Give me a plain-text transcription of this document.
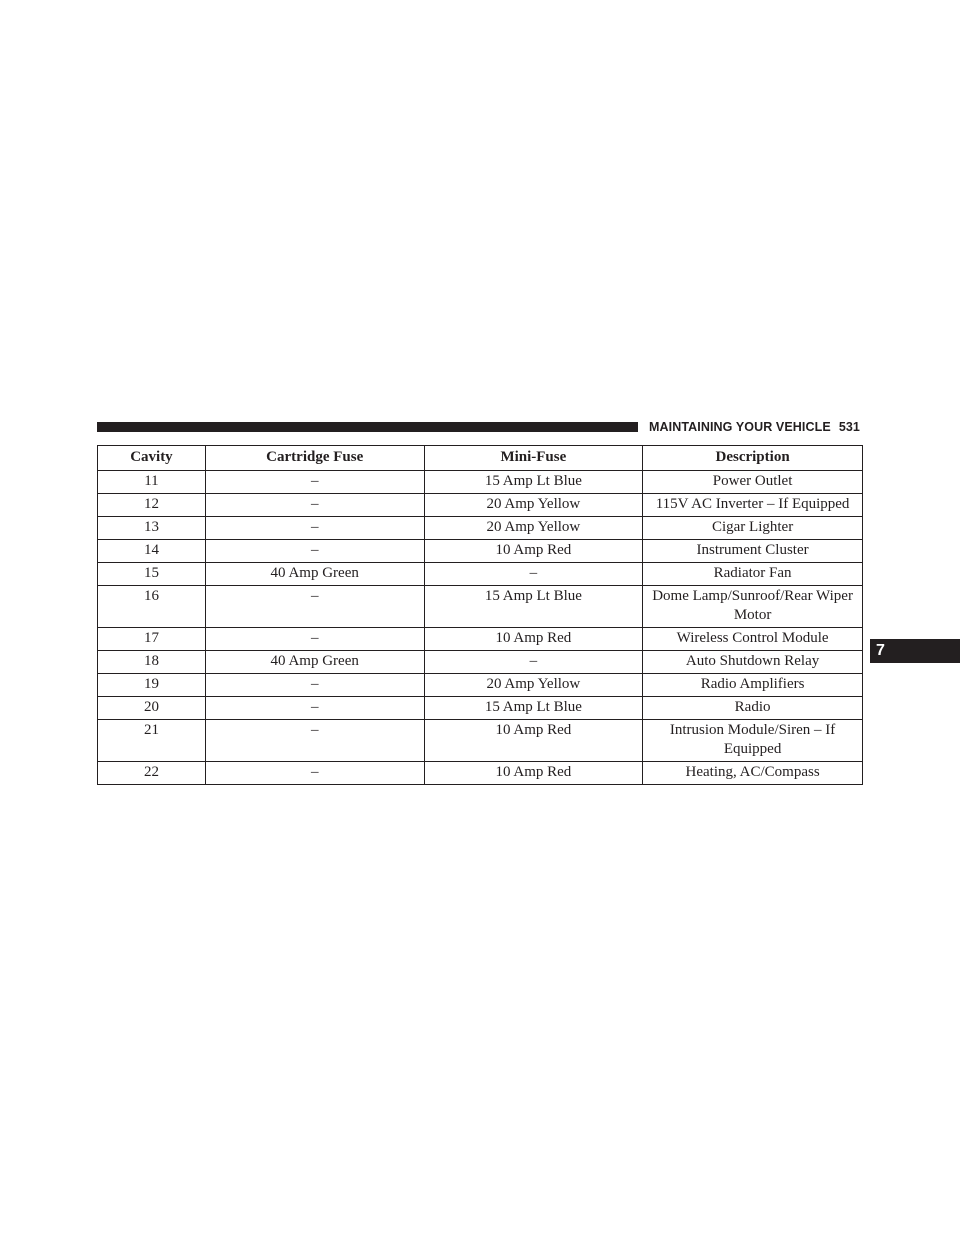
MAINTAINING YOUR VEHICLE 531
7
Cavity	Cartridge Fuse	Mini-Fuse	Description
11	–	15 Amp Lt Blue	Power Outlet
12	–	20 Amp Yellow	115V AC Inverter – If Equipped
13	–	20 Amp Yellow	Cigar Lighter
14	–	10 Amp Red	Instrument Cluster
15	40 Amp Green	–	Radiator Fan
16	–	15 Amp Lt Blue	Dome Lamp/Sunroof/Rear Wiper Motor
17	–	10 Amp Red	Wireless Control Module
18	40 Amp Green	–	Auto Shutdown Relay
19	–	20 Amp Yellow	Radio Amplifiers
20	–	15 Amp Lt Blue	Radio
21	–	10 Amp Red	Intrusion Module/Siren – If Equipped
22	–	10 Amp Red	Heating, AC/Compass
